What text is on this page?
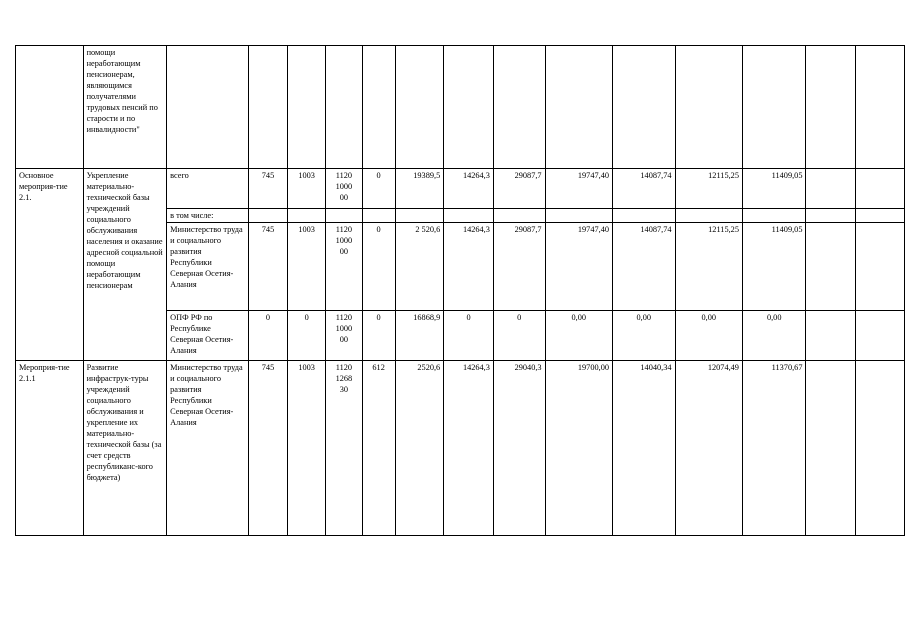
	помощи неработающим пенсионерам, являющимся получателями трудовых пенсий по старости и по инвалидности"														
Основное мероприя-тие 2.1.	Укрепление материально-технической базы учреждений социального обслуживания населения и оказание адресной социальной помощи неработающим пенсионерам	всего	745	1003	1120
1000
00	0	19389,5	14264,3	29087,7	19747,40	14087,74	12115,25	11409,05		
		в том числе:													
		Министерство труда и социального развития Республики Северная Осетия-Алания	745	1003	1120
1000
00	0	2 520,6	14264,3	29087,7	19747,40	14087,74	12115,25	11409,05		
		ОПФ РФ по Республике Северная Осетия-Алания	0	0	1120
1000
00	0	16868,9	0	0	0,00	0,00	0,00	0,00		
Мероприя-тие 2.1.1	Развитие инфраструк-туры учреждений социального обслуживания и укрепление их материально-технической базы (за счет средств республиканс-кого бюджета)	Министерство труда и социального развития Республики Северная Осетия-Алания	745	1003	1120
1268
30	612	2520,6	14264,3	29040,3	19700,00	14040,34	12074,49	11370,67		
